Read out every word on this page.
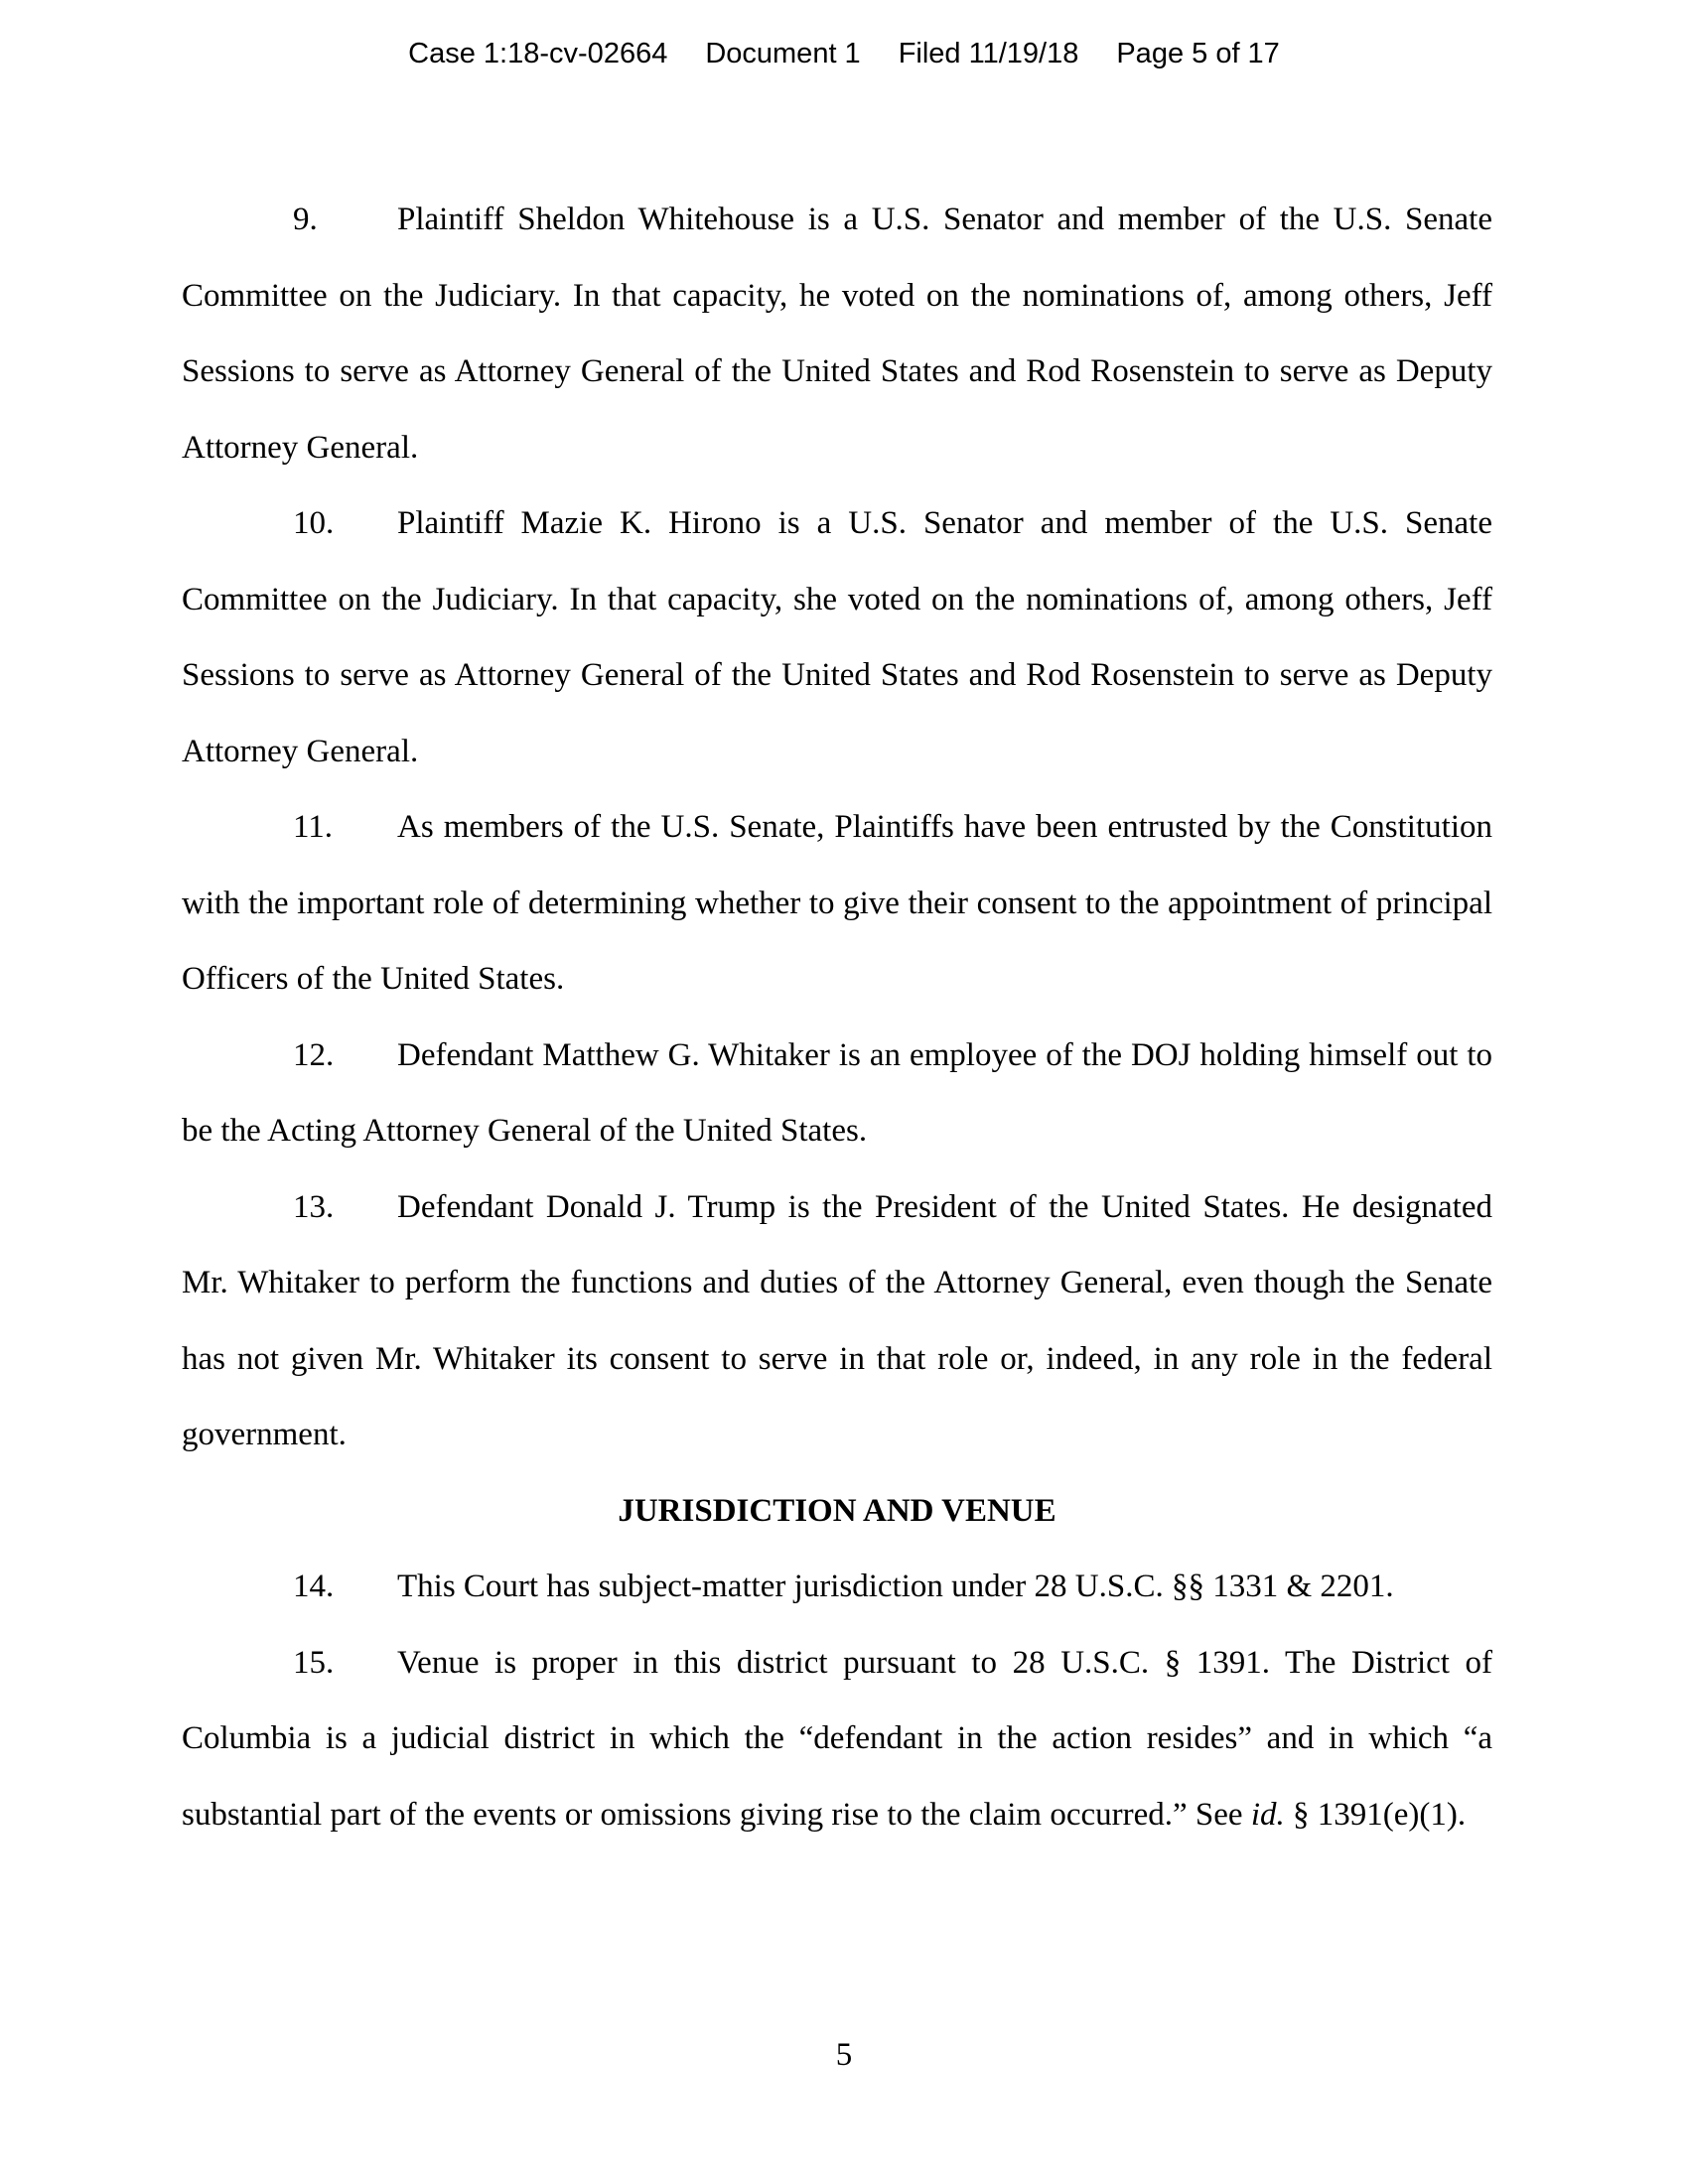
Case 1:18-cv-02664 Document 1 Filed 11/19/18 Page 5 of 17
9. Plaintiff Sheldon Whitehouse is a U.S. Senator and member of the U.S. Senate
Committee on the Judiciary. In that capacity, he voted on the nominations of, among others, Jeff
Sessions to serve as Attorney General of the United States and Rod Rosenstein to serve as Deputy
Attorney General.
10. Plaintiff Mazie K. Hirono is a U.S. Senator and member of the U.S. Senate
Committee on the Judiciary. In that capacity, she voted on the nominations of, among others, Jeff
Sessions to serve as Attorney General of the United States and Rod Rosenstein to serve as Deputy
Attorney General.
11. As members of the U.S. Senate, Plaintiffs have been entrusted by the Constitution
with the important role of determining whether to give their consent to the appointment of principal
Officers of the United States.
12. Defendant Matthew G. Whitaker is an employee of the DOJ holding himself out to
be the Acting Attorney General of the United States.
13. Defendant Donald J. Trump is the President of the United States. He designated
Mr. Whitaker to perform the functions and duties of the Attorney General, even though the Senate
has not given Mr. Whitaker its consent to serve in that role or, indeed, in any role in the federal
government.
JURISDICTION AND VENUE
14. This Court has subject-matter jurisdiction under 28 U.S.C. §§ 1331 & 2201.
15. Venue is proper in this district pursuant to 28 U.S.C. § 1391. The District of
Columbia is a judicial district in which the “defendant in the action resides” and in which “a
substantial part of the events or omissions giving rise to the claim occurred.” See id. § 1391(e)(1).
5
